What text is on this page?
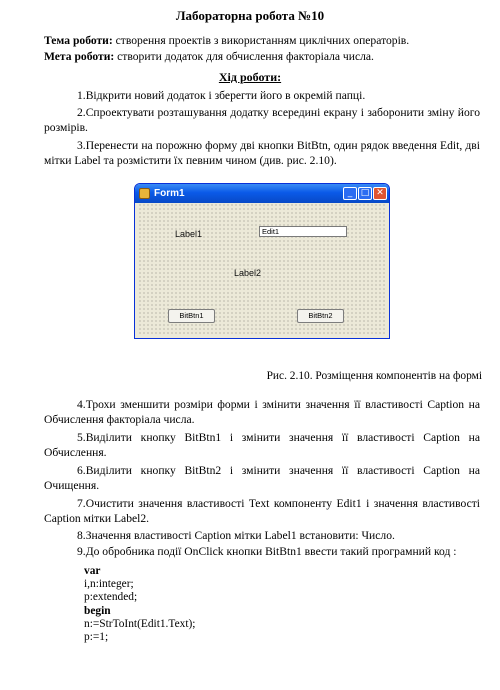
Лабораторна робота №10
Тема роботи: створення проектів з використанням циклічних операторів.
Мета роботи: створити додаток для обчислення факторіала числа.
Хід роботи:
1.Відкрити новий додаток і зберегти його в окремій папці.
2.Спроектувати розташування додатку всередині екрану і заборонити зміну його розмірів.
3.Перенести на порожню форму дві кнопки BitBtn, один рядок введення Edit, дві мітки Label та розмістити їх певним чином (див. рис. 2.10).
Form1	_ □ ✕
Label1	Edit1
Label2
BitBtn1	BitBtn2
Рис. 2.10. Розміщення компонентів на формі
4.Трохи зменшити розміри форми і змінити значення її властивості Caption на Обчислення факторіала числа.
5.Виділити кнопку BitBtn1 і змінити значення її властивості Caption на Обчислення.
6.Виділити кнопку BitBtn2 і змінити значення її властивості Caption на Очищення.
7.Очистити значення властивості Text компоненту Edit1 і значення властивості Caption мітки Label2.
8.Значення властивості Caption мітки Label1 встановити: Число.
9.До обробника події OnClick кнопки BitBtn1 ввести такий програмний код :
var
i,n:integer;
p:extended;
begin
n:=StrToInt(Edit1.Text);
p:=1;
